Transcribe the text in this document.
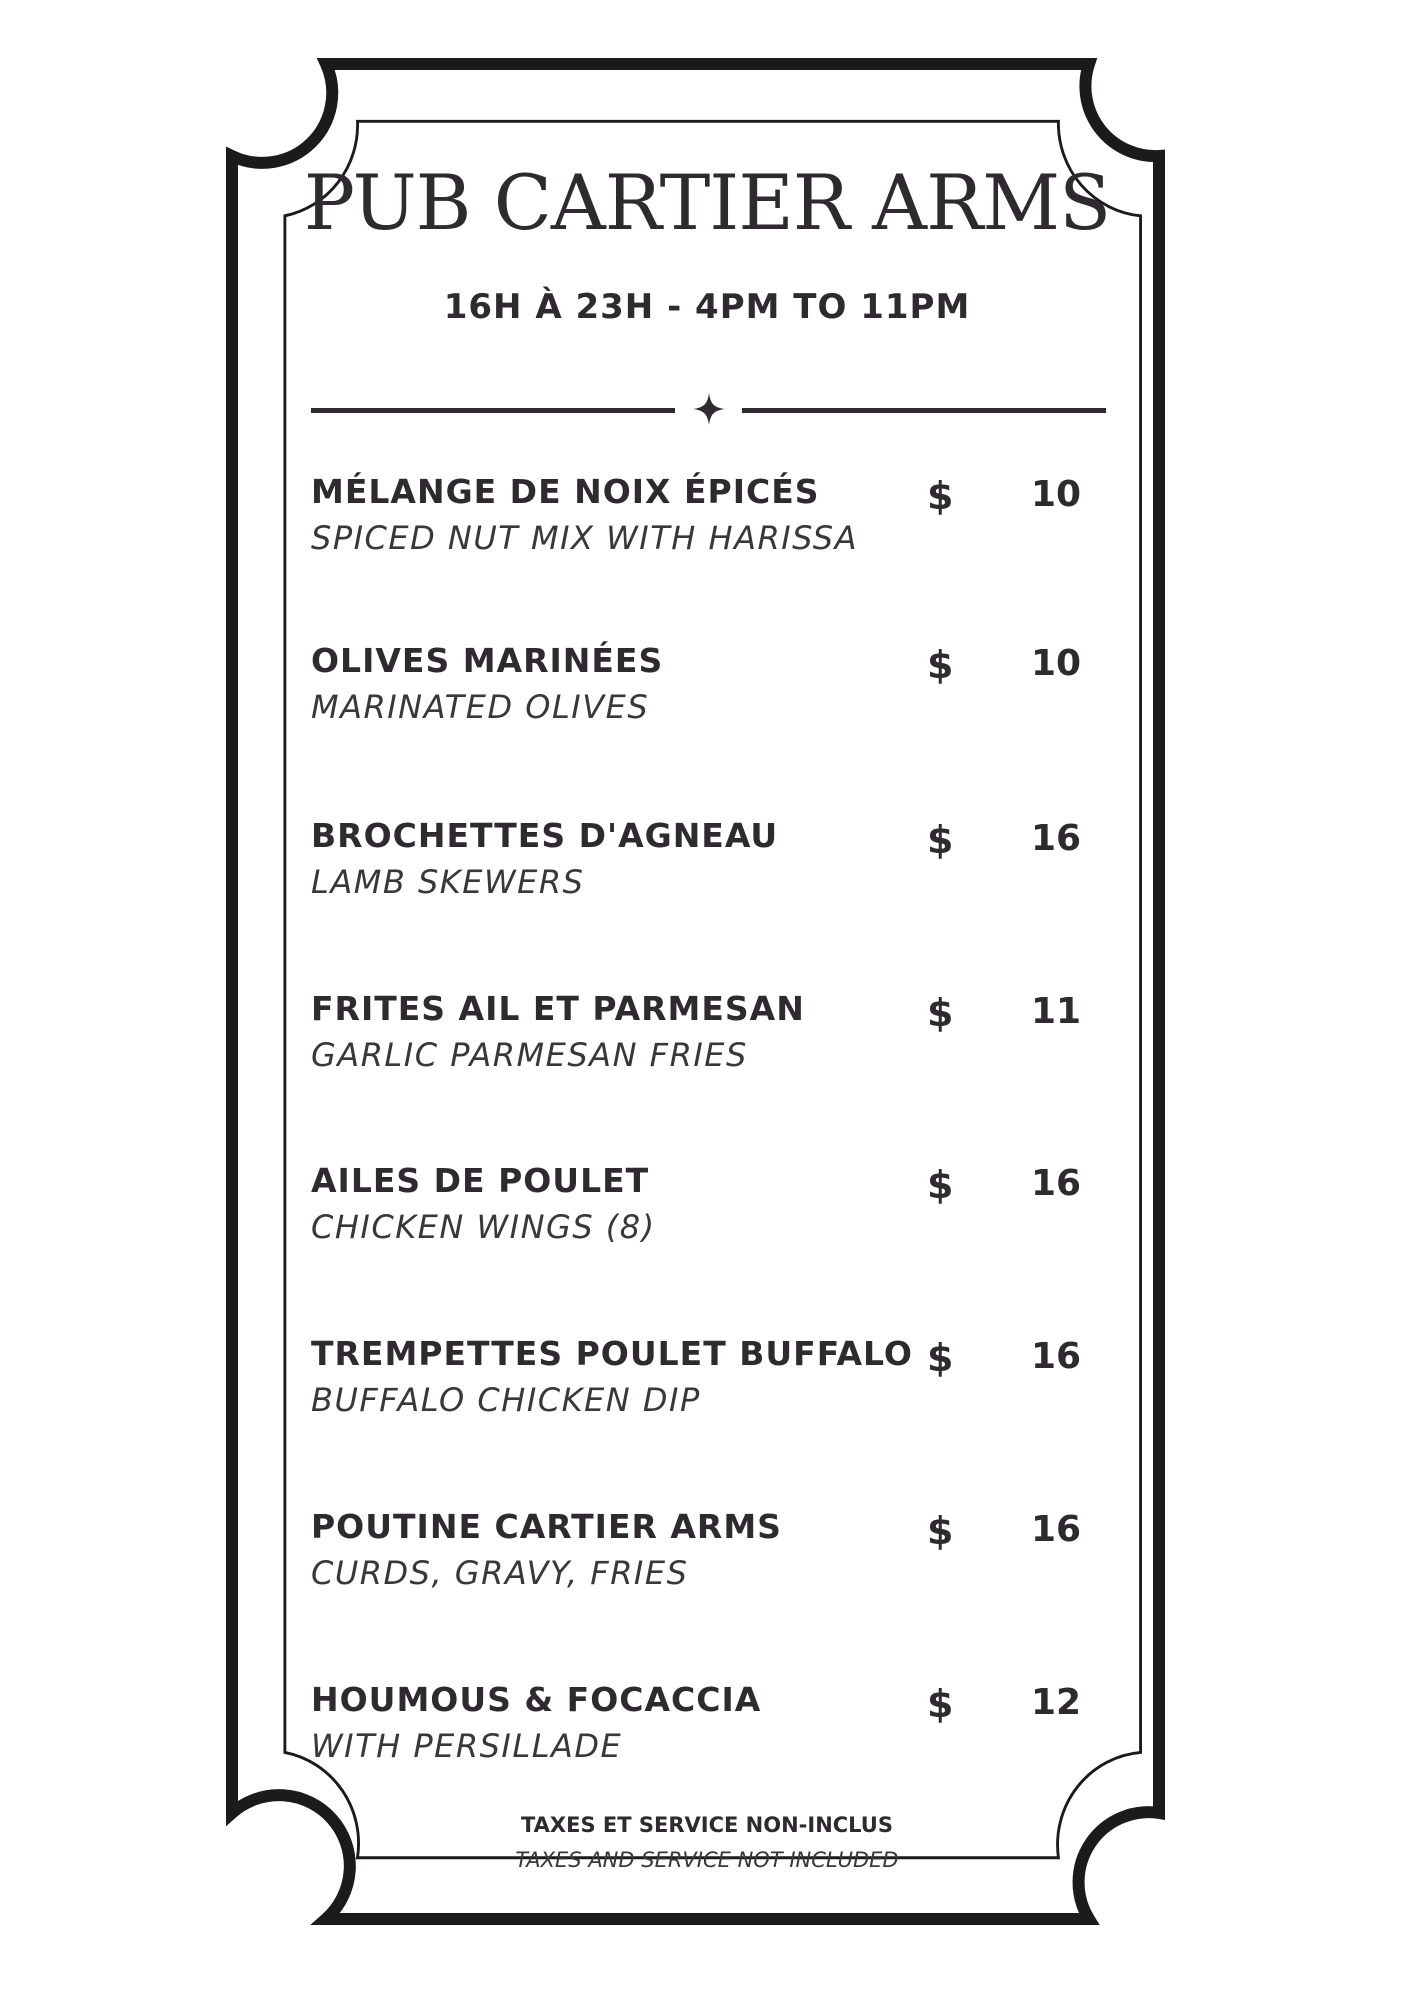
PUB CARTIER ARMS
16H À 23H - 4PM TO 11PM
MÉLANGE DE NOIX ÉPICÉS
SPICED NUT MIX WITH HARISSA
$	10
OLIVES MARINÉES
MARINATED OLIVES
$	10
BROCHETTES D'AGNEAU
LAMB SKEWERS
$	16
FRITES AIL ET PARMESAN
GARLIC PARMESAN FRIES
$	11
AILES DE POULET
CHICKEN WINGS (8)
$	16
TREMPETTES POULET BUFFALO
BUFFALO CHICKEN DIP
$	16
POUTINE CARTIER ARMS
CURDS, GRAVY, FRIES
$	16
HOUMOUS & FOCACCIA
WITH PERSILLADE
$	12
TAXES ET SERVICE NON-INCLUS
TAXES AND SERVICE NOT INCLUDED
